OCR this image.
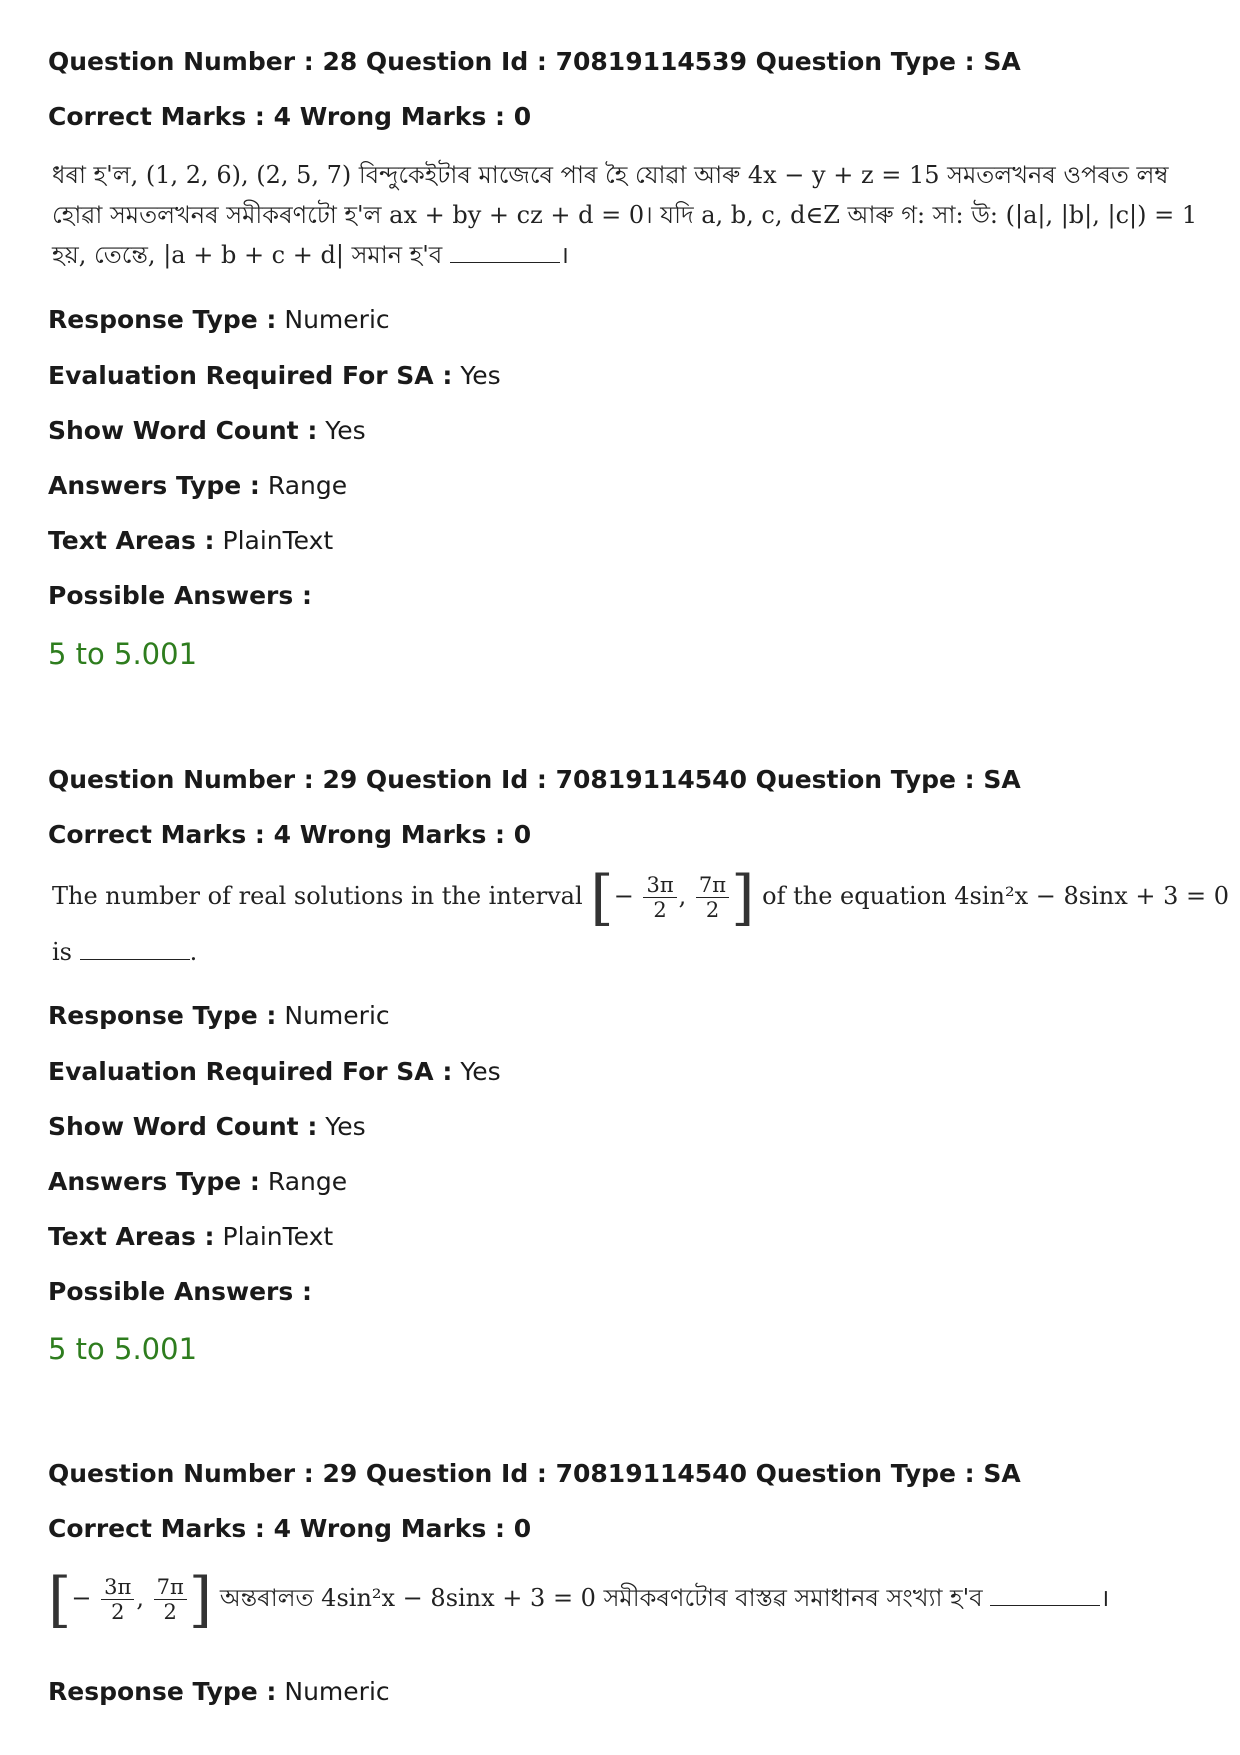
Question Number : 28 Question Id : 70819114539 Question Type : SA
Correct Marks : 4 Wrong Marks : 0
ধৰা হ'ল, (1, 2, 6), (2, 5, 7) বিন্দুকেইটাৰ মাজেৰে পাৰ হৈ যোৱা আৰু 4x − y + z = 15 সমতলখনৰ ওপৰত লম্ব
হোৱা সমতলখনৰ সমীকৰণটো হ'ল ax + by + cz + d = 0। যদি a, b, c, d∈Z আৰু গ: সা: উ: (|a|, |b|, |c|) = 1
হয়, তেন্তে, |a + b + c + d| সমান হ'ব	।
Response Type : Numeric
Evaluation Required For SA : Yes
Show Word Count : Yes
Answers Type : Range
Text Areas : PlainText
Possible Answers :
5 to 5.001
Question Number : 29 Question Id : 70819114540 Question Type : SA
Correct Marks : 4 Wrong Marks : 0
The number of real solutions in the interval [− $\frac{3\pi}{2}$ , $\frac{7\pi}{2}$ ] of the equation 4sin²x − 8sinx + 3 = 0
is	.
Response Type : Numeric
Evaluation Required For SA : Yes
Show Word Count : Yes
Answers Type : Range
Text Areas : PlainText
Possible Answers :
5 to 5.001
Question Number : 29 Question Id : 70819114540 Question Type : SA
Correct Marks : 4 Wrong Marks : 0
[− $\frac{3\pi}{2}$ , $\frac{7\pi}{2}$ ] অন্তৰালত 4sin²x − 8sinx + 3 = 0 সমীকৰণটোৰ বাস্তৱ সমাধানৰ সংখ্যা হ'ব	।
Response Type : Numeric
